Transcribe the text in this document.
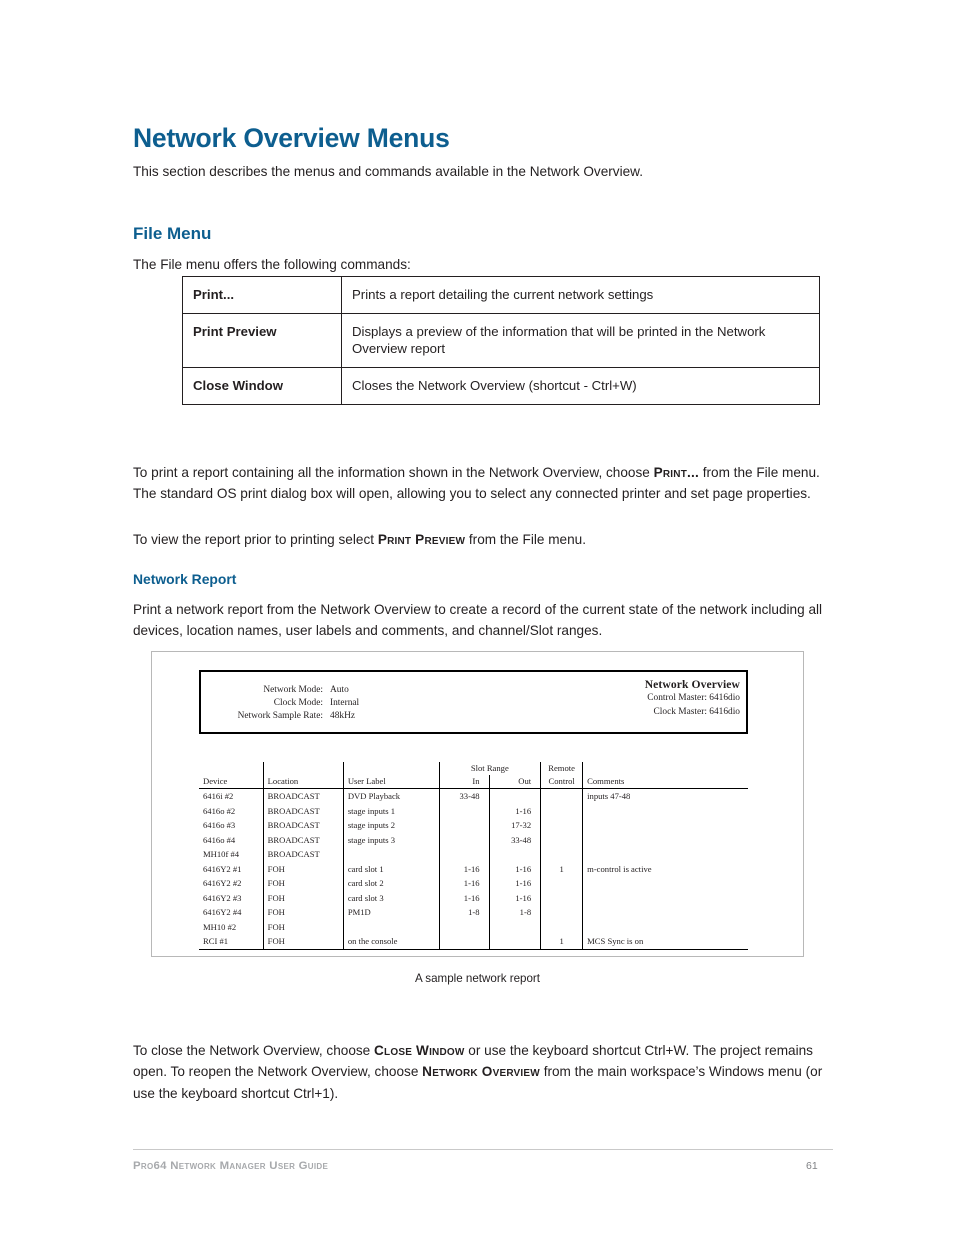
Network Overview Menus

This section describes the menus and commands available in the Network Overview.

File Menu

The File menu offers the following commands:

Print...	Prints a report detailing the current network settings
Print Preview	Displays a preview of the information that will be printed in the Network Overview report
Close Window	Closes the Network Overview (shortcut - Ctrl+W)

To print a report containing all the information shown in the Network Overview, choose Print... from the File menu. The standard OS print dialog box will open, allowing you to select any connected printer and set page properties.

To view the report prior to printing select Print Preview from the File menu.

Network Report

Print a network report from the Network Overview to create a record of the current state of the network including all devices, location names, user labels and comments, and channel/Slot ranges.

Network Mode: Auto
Clock Mode: Internal
Network Sample Rate: 48kHz
Network Overview
Control Master: 6416dio
Clock Master: 6416dio
			Slot Range		Remote	
Device	Location	User Label	In	Out	Control	Comments
6416i #2	BROADCAST	DVD Playback	33-48			inputs 47-48
6416o #2	BROADCAST	stage inputs 1		1-16		
6416o #3	BROADCAST	stage inputs 2		17-32		
6416o #4	BROADCAST	stage inputs 3		33-48		
MH10f #4	BROADCAST					
6416Y2 #1	FOH	card slot 1	1-16	1-16	1	m-control is active
6416Y2 #2	FOH	card slot 2	1-16	1-16		
6416Y2 #3	FOH	card slot 3	1-16	1-16		
6416Y2 #4	FOH	PM1D	1-8	1-8		
MH10 #2	FOH					
RCI #1	FOH	on the console			1	MCS Sync is on
A sample network report

To close the Network Overview, choose Close Window or use the keyboard shortcut Ctrl+W. The project remains open. To reopen the Network Overview, choose Network Overview from the main workspace’s Windows menu (or use the keyboard shortcut Ctrl+1).

Pro64 Network Manager User Guide	61
